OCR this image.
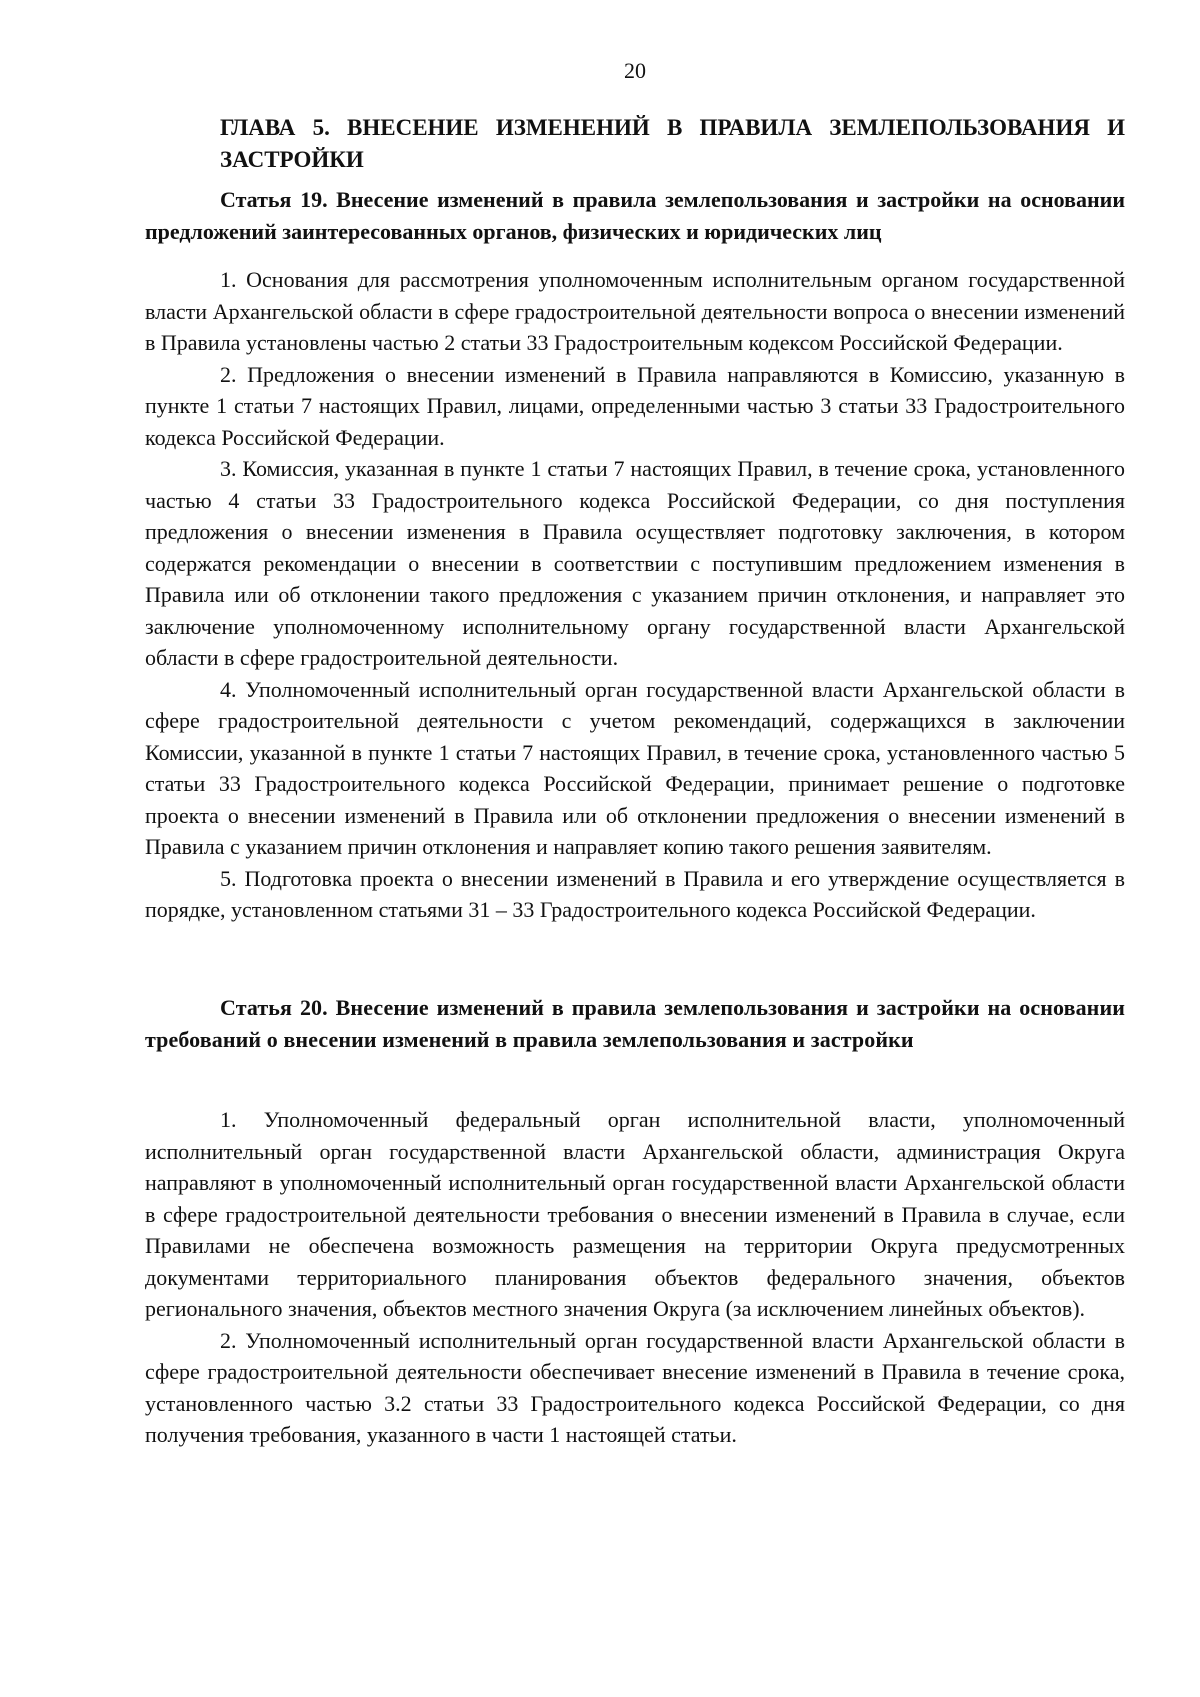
20
ГЛАВА 5. ВНЕСЕНИЕ ИЗМЕНЕНИЙ В ПРАВИЛА ЗЕМЛЕПОЛЬЗОВАНИЯ И ЗАСТРОЙКИ
Статья 19. Внесение изменений в правила землепользования и застройки на основании предложений заинтересованных органов, физических и юридических лиц

1. Основания для рассмотрения уполномоченным исполнительным органом государственной власти Архангельской области в сфере градостроительной деятельности вопроса о внесении изменений в Правила установлены частью 2 статьи 33 Градостроительным кодексом Российской Федерации.

2. Предложения о внесении изменений в Правила направляются в Комиссию, указанную в пункте 1 статьи 7 настоящих Правил, лицами, определенными частью 3 статьи 33 Градостроительного кодекса Российской Федерации.

3. Комиссия, указанная в пункте 1 статьи 7 настоящих Правил, в течение срока, установленного частью 4 статьи 33 Градостроительного кодекса Российской Федерации, со дня поступления предложения о внесении изменения в Правила осуществляет подготовку заключения, в котором содержатся рекомендации о внесении в соответствии с поступившим предложением изменения в Правила или об отклонении такого предложения с указанием причин отклонения, и направляет это заключение уполномоченному исполнительному органу государственной власти Архангельской области в сфере градостроительной деятельности.

4. Уполномоченный исполнительный орган государственной власти Архангельской области в сфере градостроительной деятельности с учетом рекомендаций, содержащихся в заключении Комиссии, указанной в пункте 1 статьи 7 настоящих Правил, в течение срока, установленного частью 5 статьи 33 Градостроительного кодекса Российской Федерации, принимает решение о подготовке проекта о внесении изменений в Правила или об отклонении предложения о внесении изменений в Правила с указанием причин отклонения и направляет копию такого решения заявителям.

5. Подготовка проекта о внесении изменений в Правила и его утверждение осуществляется в порядке, установленном статьями 31 – 33 Градостроительного кодекса Российской Федерации.

Статья 20. Внесение изменений в правила землепользования и застройки на основании требований о внесении изменений в правила землепользования и застройки

1. Уполномоченный федеральный орган исполнительной власти, уполномоченный исполнительный орган государственной власти Архангельской области, администрация Округа направляют в уполномоченный исполнительный орган государственной власти Архангельской области в сфере градостроительной деятельности требования о внесении изменений в Правила в случае, если Правилами не обеспечена возможность размещения на территории Округа предусмотренных документами территориального планирования объектов федерального значения, объектов регионального значения, объектов местного значения Округа (за исключением линейных объектов).

2. Уполномоченный исполнительный орган государственной власти Архангельской области в сфере градостроительной деятельности обеспечивает внесение изменений в Правила в течение срока, установленного частью 3.2 статьи 33 Градостроительного кодекса Российской Федерации, со дня получения требования, указанного в части 1 настоящей статьи.
